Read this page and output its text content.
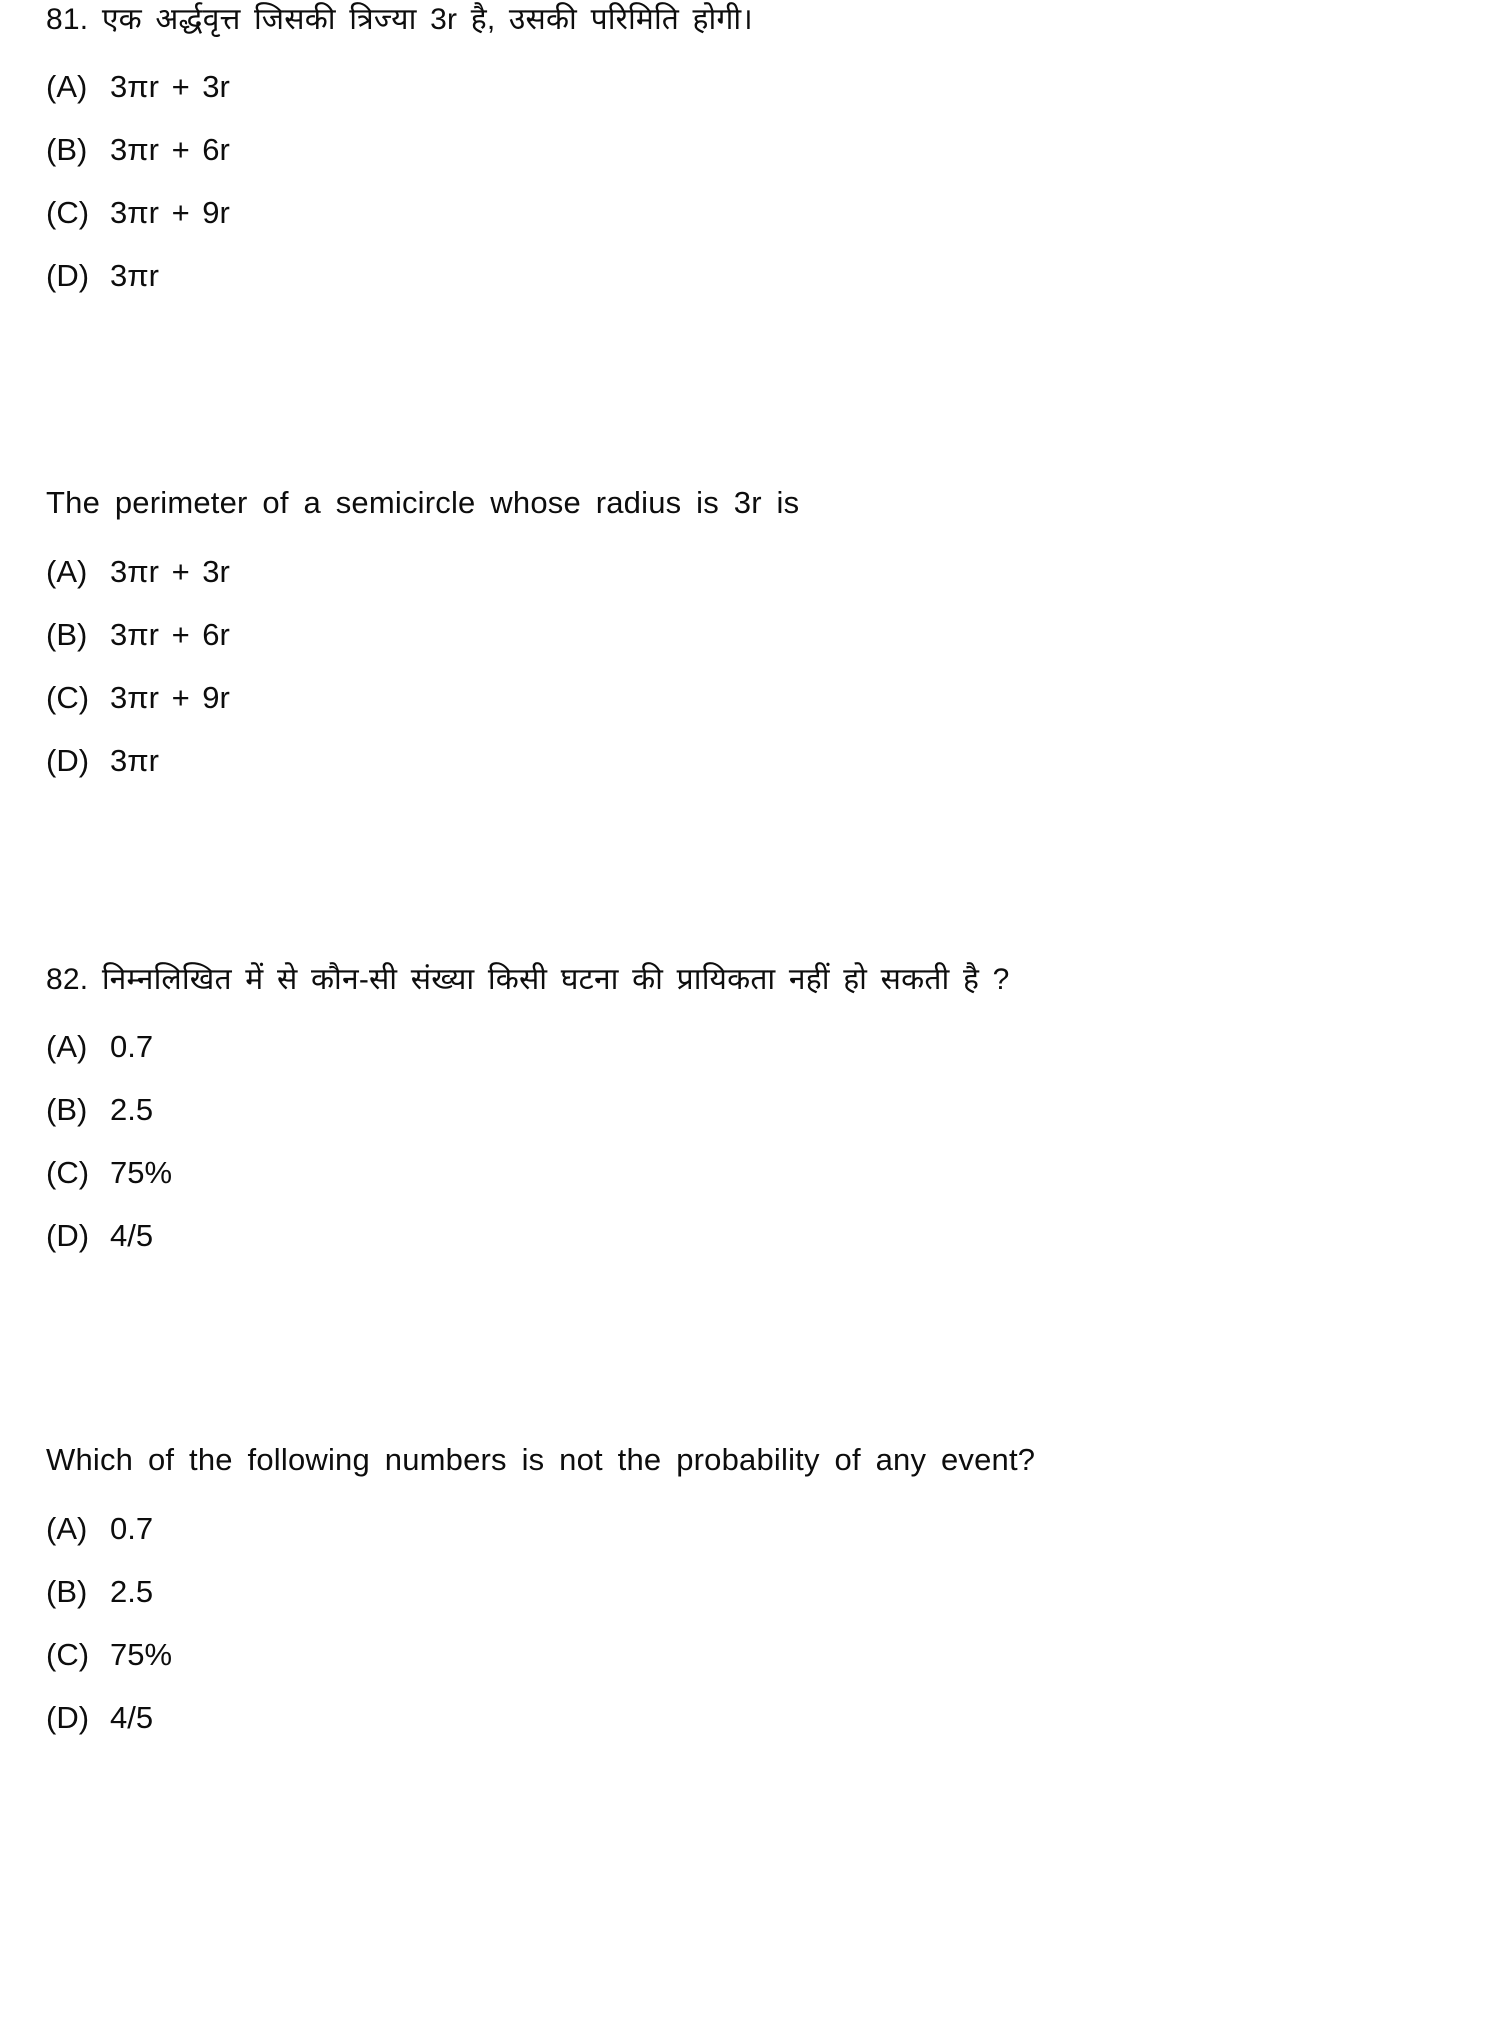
81. एक अर्द्धवृत्त जिसकी त्रिज्या 3r है, उसकी परिमिति होगी।
(A) 3πr + 3r
(B) 3πr + 6r
(C) 3πr + 9r
(D) 3πr
The perimeter of a semicircle whose radius is 3r is
(A) 3πr + 3r
(B) 3πr + 6r
(C) 3πr + 9r
(D) 3πr
82. निम्नलिखित में से कौन-सी संख्या किसी घटना की प्रायिकता नहीं हो सकती है ?
(A) 0.7
(B) 2.5
(C) 75%
(D) 4/5
Which of the following numbers is not the probability of any event?
(A) 0.7
(B) 2.5
(C) 75%
(D) 4/5
